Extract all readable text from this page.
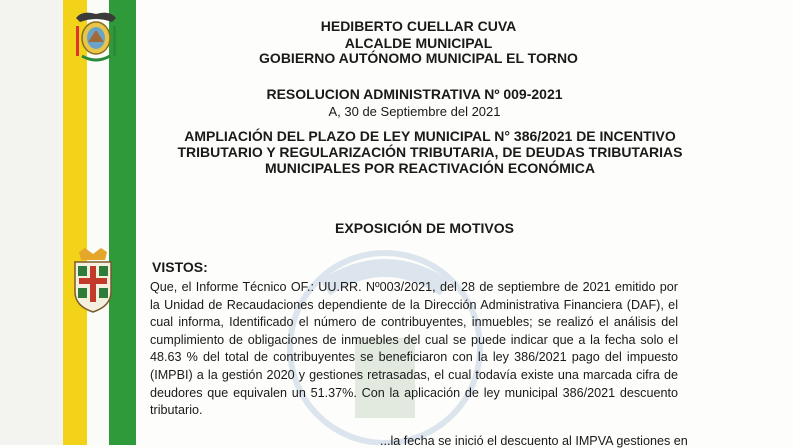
HEDIBERTO CUELLAR CUVA
ALCALDE MUNICIPAL
GOBIERNO AUTÓNOMO MUNICIPAL EL TORNO
RESOLUCION ADMINISTRATIVA Nº 009-2021
A, 30 de Septiembre del 2021
AMPLIACIÓN DEL PLAZO DE LEY MUNICIPAL N° 386/2021 DE INCENTIVO TRIBUTARIO Y REGULARIZACIÓN TRIBUTARIA, DE DEUDAS TRIBUTARIAS MUNICIPALES POR REACTIVACIÓN ECONÓMICA
EXPOSICIÓN DE MOTIVOS
VISTOS:

Que, el Informe Técnico OF.: UU.RR. Nº003/2021, del 28 de septiembre de 2021 emitido por la Unidad de Recaudaciones dependiente de la Dirección Administrativa Financiera (DAF), el cual informa, Identificado el número de contribuyentes, inmuebles; se realizó el análisis del cumplimiento de obligaciones de inmuebles del cual se puede indicar que a la fecha solo el 48.63 % del total de contribuyentes se beneficiaron con la ley 386/2021 pago del impuesto (IMPBI) a la gestión 2020 y gestiones retrasadas, el cual todavía existe una marcada cifra de deudores que equivalen un 51.37%. Con la aplicación de ley municipal 386/2021 descuento tributario.

...la fecha se inició el descuento al IMPVA gestiones en
